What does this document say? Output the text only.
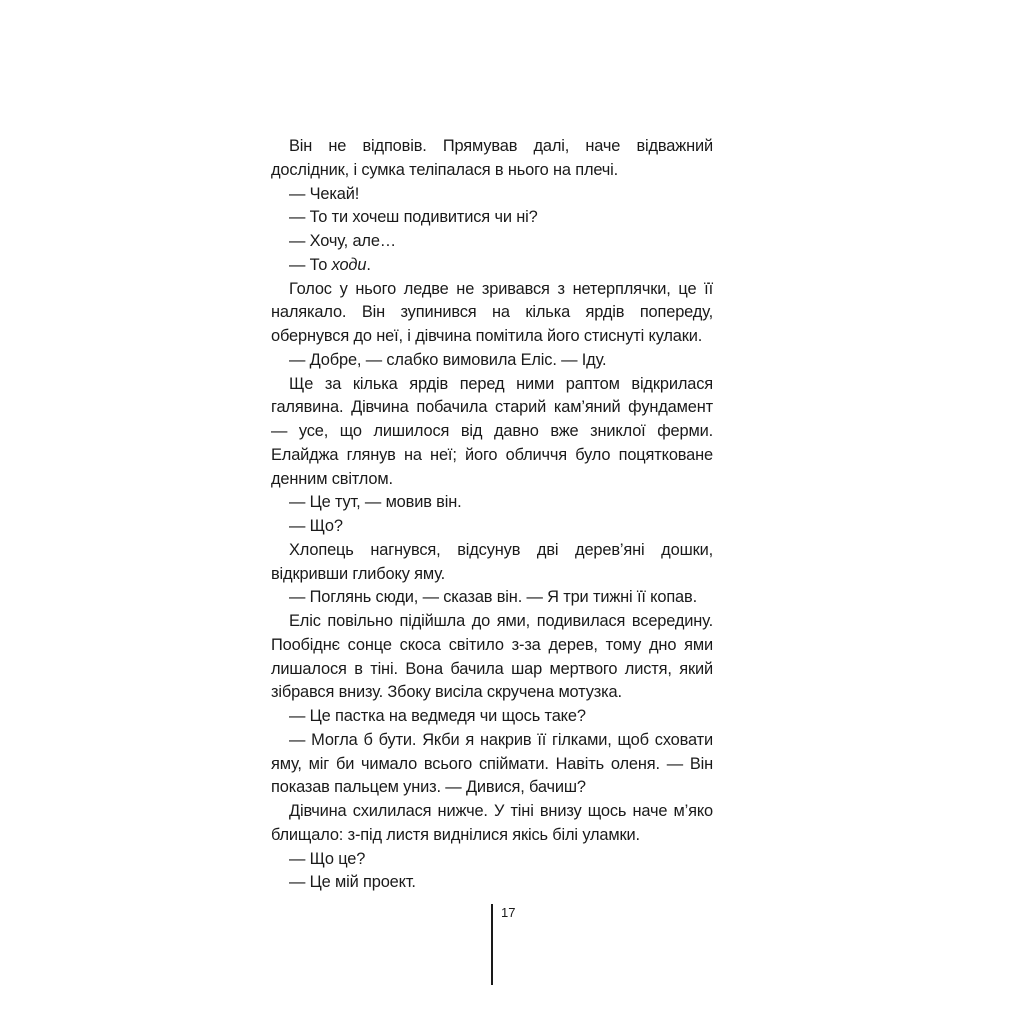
Він не відповів. Прямував далі, наче відважний дослідник, і сумка теліпалася в нього на плечі.

— Чекай!

— То ти хочеш подивитися чи ні?

— Хочу, але…

— То ходи.

Голос у нього ледве не зривався з нетерплячки, це її налякало. Він зупинився на кілька ярдів попереду, обернувся до неї, і дівчина помітила його стиснуті кулаки.

— Добре, — слабко вимовила Еліс. — Іду.

Ще за кілька ярдів перед ними раптом відкрилася галявина. Дівчина побачила старий кам’яний фундамент — усе, що лишилося від давно вже зниклої ферми. Елайджа глянув на неї; його обличчя було поцятковане денним світлом.

— Це тут, — мовив він.

— Що?

Хлопець нагнувся, відсунув дві дерев’яні дошки, відкривши глибоку яму.

— Поглянь сюди, — сказав він. — Я три тижні її копав.

Еліс повільно підійшла до ями, подивилася всередину. Пообіднє сонце скоса світило з-за дерев, тому дно ями лишалося в тіні. Вона бачила шар мертвого листя, який зібрався внизу. Збоку висіла скручена мотузка.

— Це пастка на ведмедя чи щось таке?

— Могла б бути. Якби я накрив її гілками, щоб сховати яму, міг би чимало всього спіймати. Навіть оленя. — Він показав пальцем униз. — Дивися, бачиш?

Дівчина схилилася нижче. У тіні внизу щось наче м’яко блищало: з-під листя виднілися якісь білі уламки.

— Що це?

— Це мій проект.

17
